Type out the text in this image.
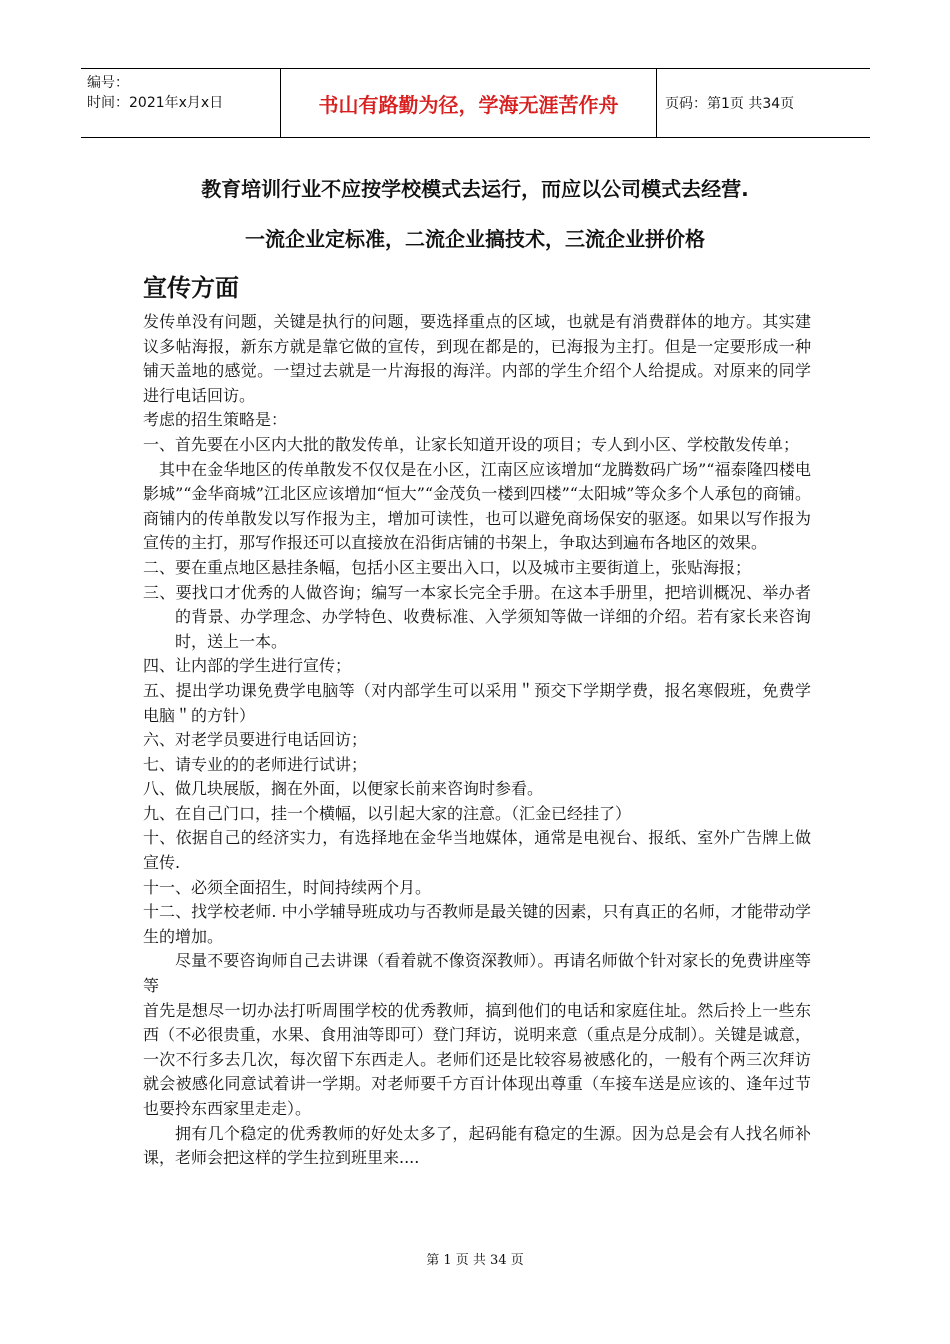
编号：
时间：2021年x月x日	书山有路勤为径，学海无涯苦作舟	页码：第1页 共34页
教育培训行业不应按学校模式去运行，而应以公司模式去经营.
一流企业定标准，二流企业搞技术，三流企业拼价格
宣传方面

发传单没有问题，关键是执行的问题，要选择重点的区域，也就是有消费群体的地方。其实建议多帖海报，新东方就是靠它做的宣传，到现在都是的，已海报为主打。但是一定要形成一种铺天盖地的感觉。一望过去就是一片海报的海洋。内部的学生介绍个人给提成。对原来的同学进行电话回访。

考虑的招生策略是：

一、首先要在小区内大批的散发传单，让家长知道开设的项目；专人到小区、学校散发传单；

其中在金华地区的传单散发不仅仅是在小区，江南区应该增加“龙腾数码广场”“福泰隆四楼电影城”“金华商城”江北区应该增加“恒大”“金茂负一楼到四楼”“太阳城”等众多个人承包的商铺。商铺内的传单散发以写作报为主，增加可读性，也可以避免商场保安的驱逐。如果以写作报为宣传的主打，那写作报还可以直接放在沿街店铺的书架上，争取达到遍布各地区的效果。

二、要在重点地区悬挂条幅，包括小区主要出入口，以及城市主要街道上，张贴海报；

三、要找口才优秀的人做咨询；编写一本家长完全手册。在这本手册里，把培训概况、举办者的背景、办学理念、办学特色、收费标准、入学须知等做一详细的介绍。若有家长来咨询时，送上一本。

四、让内部的学生进行宣传；

五、提出学功课免费学电脑等（对内部学生可以采用＂预交下学期学费，报名寒假班，免费学电脑＂的方针）

六、对老学员要进行电话回访；

七、请专业的的老师进行试讲；

八、做几块展版，搁在外面，以便家长前来咨询时参看。

九、在自己门口，挂一个横幅，以引起大家的注意。（汇金已经挂了）

十、依据自己的经济实力，有选择地在金华当地媒体，通常是电视台、报纸、室外广告牌上做宣传.

十一、必须全面招生，时间持续两个月。

十二、找学校老师. 中小学辅导班成功与否教师是最关键的因素，只有真正的名师，才能带动学生的增加。

尽量不要咨询师自己去讲课（看着就不像资深教师）。再请名师做个针对家长的免费讲座等等

首先是想尽一切办法打听周围学校的优秀教师，搞到他们的电话和家庭住址。然后拎上一些东西（不必很贵重，水果、食用油等即可）登门拜访，说明来意（重点是分成制）。关键是诚意，一次不行多去几次，每次留下东西走人。老师们还是比较容易被感化的，一般有个两三次拜访就会被感化同意试着讲一学期。对老师要千方百计体现出尊重（车接车送是应该的、逢年过节也要拎东西家里走走）。

拥有几个稳定的优秀教师的好处太多了，起码能有稳定的生源。因为总是会有人找名师补课，老师会把这样的学生拉到班里来....

第 1 页 共 34 页
